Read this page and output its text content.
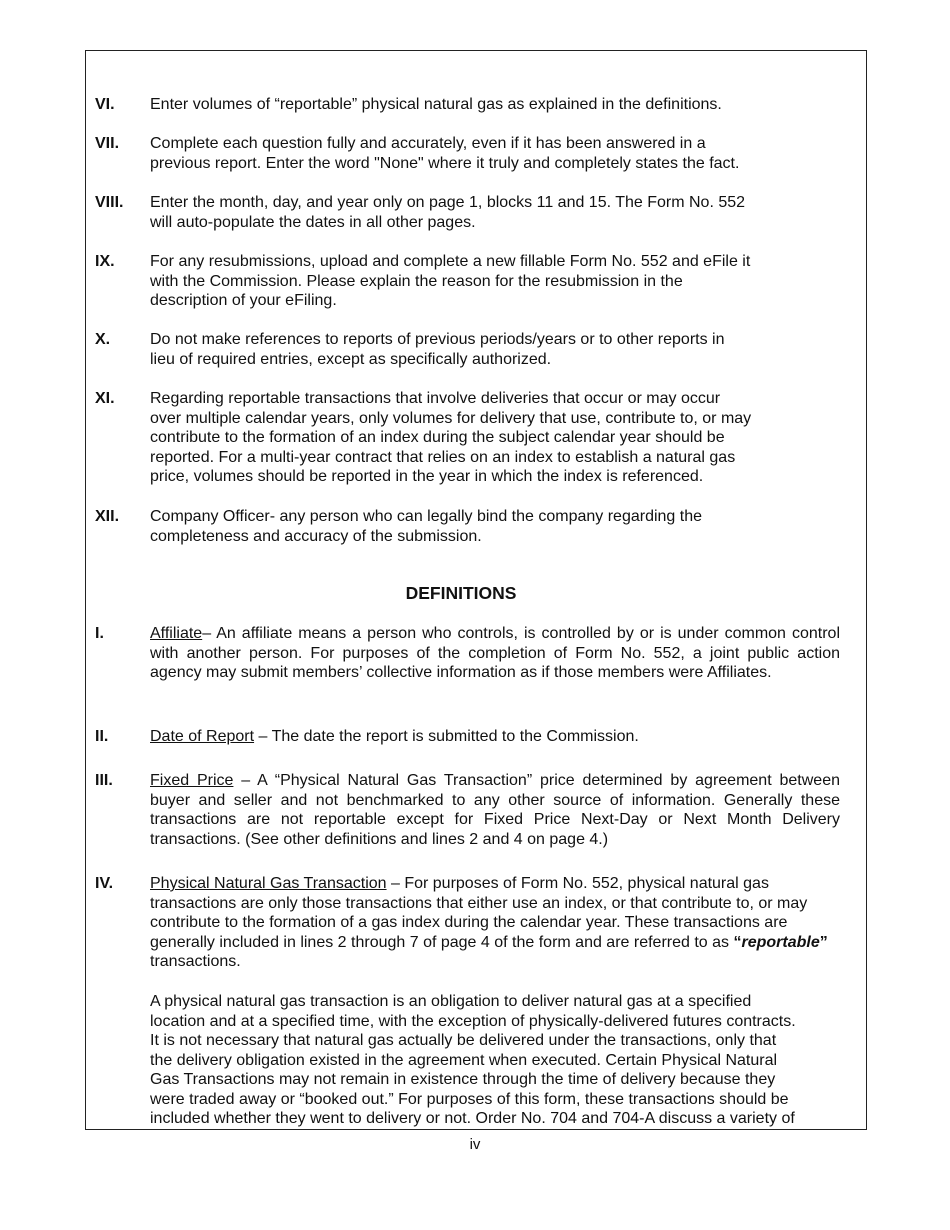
VI.	Enter volumes of “reportable” physical natural gas as explained in the definitions.
VII.	Complete each question fully and accurately, even if it has been answered in a
previous report. Enter the word "None" where it truly and completely states the fact.
VIII.	Enter the month, day, and year only on page 1, blocks 11 and 15. The Form No. 552
will auto-populate the dates in all other pages.
IX.	For any resubmissions, upload and complete a new fillable Form No. 552 and eFile it
with the Commission. Please explain the reason for the resubmission in the
description of your eFiling.
X.	Do not make references to reports of previous periods/years or to other reports in
lieu of required entries, except as specifically authorized.
XI.	Regarding reportable transactions that involve deliveries that occur or may occur
over multiple calendar years, only volumes for delivery that use, contribute to, or may
contribute to the formation of an index during the subject calendar year should be
reported. For a multi-year contract that relies on an index to establish a natural gas
price, volumes should be reported in the year in which the index is referenced.
XII.	Company Officer- any person who can legally bind the company regarding the
completeness and accuracy of the submission.
DEFINITIONS
I.	Affiliate– An affiliate means a person who controls, is controlled by or is under common control with another person. For purposes of the completion of Form No. 552, a joint public action agency may submit members’ collective information as if those members were Affiliates.
II.	Date of Report – The date the report is submitted to the Commission.
III.	Fixed Price – A “Physical Natural Gas Transaction” price determined by agreement between buyer and seller and not benchmarked to any other source of information. Generally these transactions are not reportable except for Fixed Price Next-Day or Next Month Delivery transactions. (See other definitions and lines 2 and 4 on page 4.)
IV.	Physical Natural Gas Transaction – For purposes of Form No. 552, physical natural gas transactions are only those transactions that either use an index, or that contribute to, or may contribute to the formation of a gas index during the calendar year. These transactions are generally included in lines 2 through 7 of page 4 of the form and are referred to as “reportable” transactions.
A physical natural gas transaction is an obligation to deliver natural gas at a specified
location and at a specified time, with the exception of physically-delivered futures contracts.
It is not necessary that natural gas actually be delivered under the transactions, only that
the delivery obligation existed in the agreement when executed. Certain Physical Natural
Gas Transactions may not remain in existence through the time of delivery because they
were traded away or “booked out.” For purposes of this form, these transactions should be
included whether they went to delivery or not. Order No. 704 and 704-A discuss a variety of
iv
